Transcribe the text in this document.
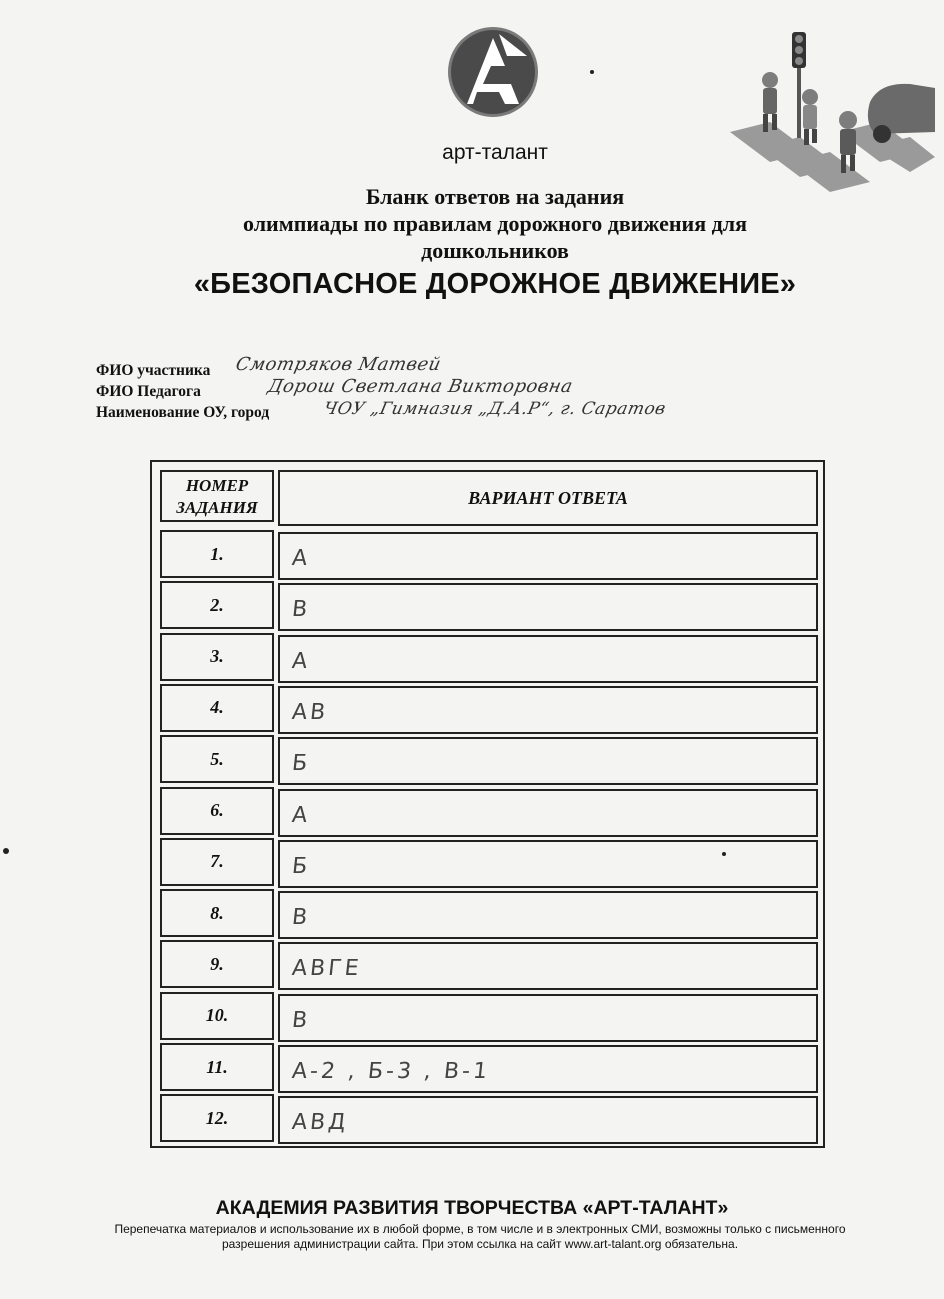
арт-талант
Бланк ответов на задания
олимпиады по правилам дорожного движения для
дошкольников
«БЕЗОПАСНОЕ ДОРОЖНОЕ ДВИЖЕНИЕ»
ФИО участника Смотряков Матвей
ФИО Педагога	Дорош Светлана Викторовна
Наименование ОУ, город	ЧОУ „Гимназия „Д.А.Р“, г. Саратов
НОМЕР ЗАДАНИЯ	ВАРИАНТ ОТВЕТА
1.	А
2.	В
3.	А
4.	АВ
5.	Б
6.	А
7.	Б
8.	В
9.	АВГЕ
10.	В
11.	А-2 , Б-3 , В-1
12.	АВД
АКАДЕМИЯ РАЗВИТИЯ ТВОРЧЕСТВА «АРТ-ТАЛАНТ»
Перепечатка материалов и использование их в любой форме, в том числе и в электронных СМИ, возможны только с письменного разрешения администрации сайта. При этом ссылка на сайт www.art-talant.org обязательна.
